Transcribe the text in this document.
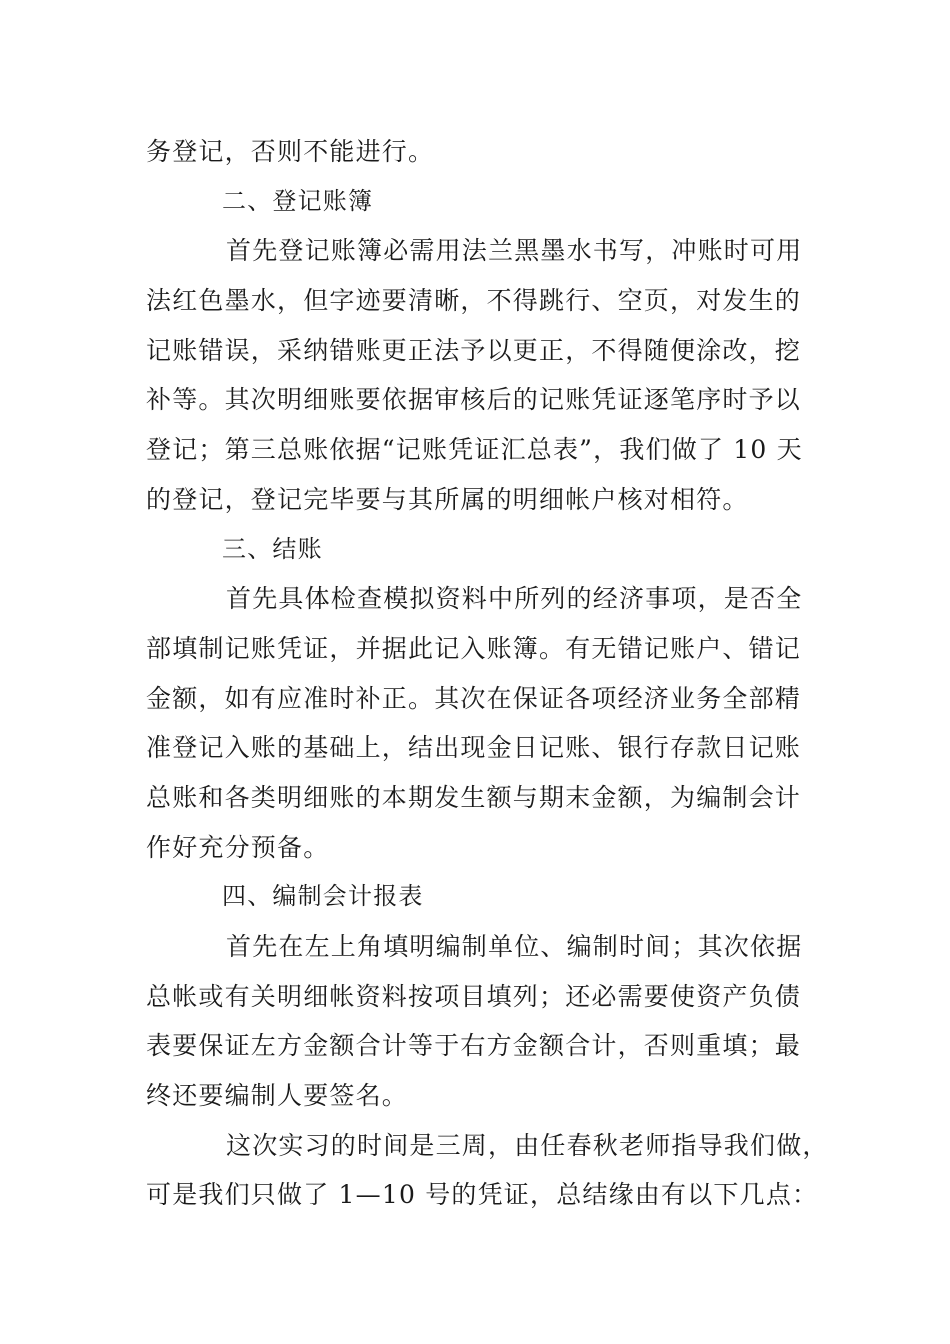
务登记，否则不能进行。
二、登记账簿
首先登记账簿必需用法兰黑墨水书写，冲账时可用
法红色墨水，但字迹要清晰，不得跳行、空页，对发生的
记账错误，采纳错账更正法予以更正，不得随便涂改，挖
补等。其次明细账要依据审核后的记账凭证逐笔序时予以
登记；第三总账依据“记账凭证汇总表”，我们做了 10 天
的登记，登记完毕要与其所属的明细帐户核对相符。
三、结账
首先具体检查模拟资料中所列的经济事项，是否全
部填制记账凭证，并据此记入账簿。有无错记账户、错记
金额，如有应准时补正。其次在保证各项经济业务全部精
准登记入账的基础上，结出现金日记账、银行存款日记账
总账和各类明细账的本期发生额与期末金额，为编制会计
作好充分预备。
四、编制会计报表
首先在左上角填明编制单位、编制时间；其次依据
总帐或有关明细帐资料按项目填列；还必需要使资产负债
表要保证左方金额合计等于右方金额合计，否则重填；最
终还要编制人要签名。
这次实习的时间是三周，由任春秋老师指导我们做，
可是我们只做了 1—10 号的凭证，总结缘由有以下几点：
